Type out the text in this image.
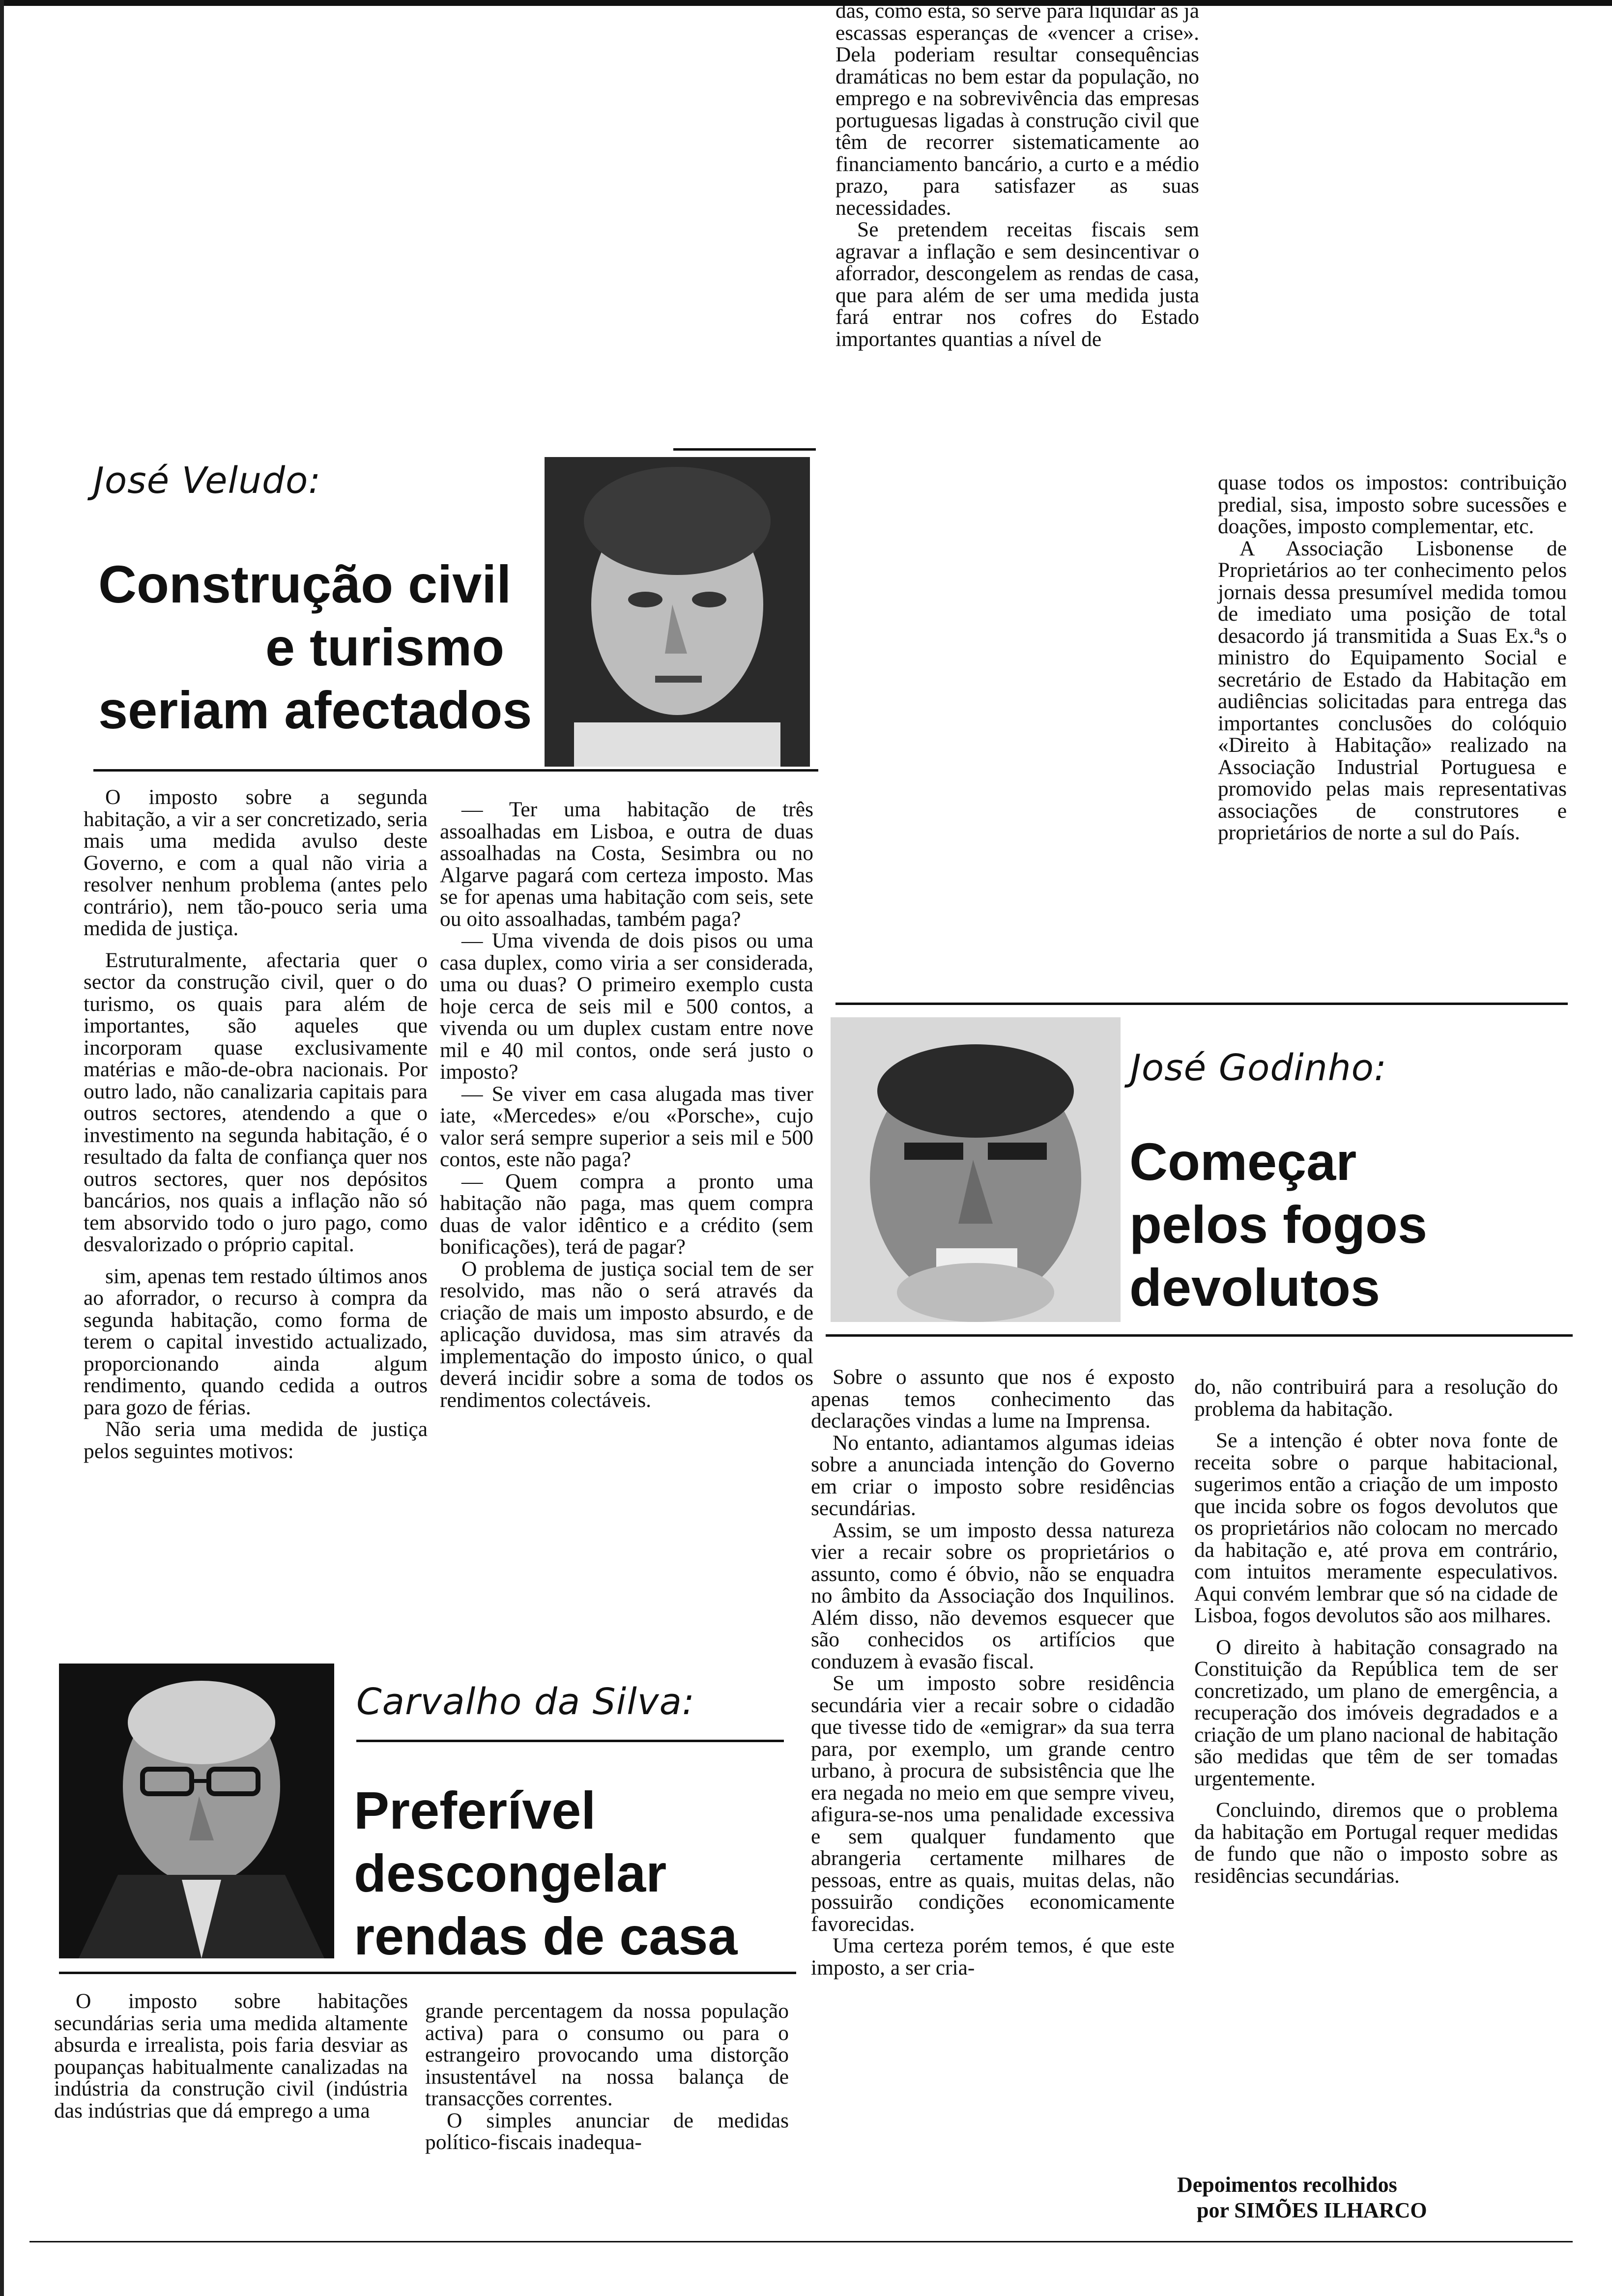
José Veludo:
Construção civil
e turismo
seriam afectados

O imposto sobre a segunda habitação, a vir a ser concretizado, seria mais uma medida avulso deste Governo, e com a qual não viria a resolver nenhum problema (antes pelo contrário), nem tão-pouco seria uma medida de justiça.

Estruturalmente, afectaria quer o sector da construção civil, quer o do turismo, os quais para além de importantes, são aqueles que incorporam quase exclusivamente matérias e mão-de-obra nacionais. Por outro lado, não canalizaria capitais para outros sectores, atendendo a que o investimento na segunda habitação, é o resultado da falta de confiança quer nos outros sectores, quer nos depósitos bancários, nos quais a inflação não só tem absorvido todo o juro pago, como desvalorizado o próprio capital.

sim, apenas tem restado últimos anos ao aforrador, o recurso à compra da segunda habitação, como forma de terem o capital investido actualizado, proporcionando ainda algum rendimento, quando cedida a outros para gozo de férias.

Não seria uma medida de justiça pelos seguintes motivos:

— Ter uma habitação de três assoalhadas em Lisboa, e outra de duas assoalhadas na Costa, Sesimbra ou no Algarve pagará com certeza imposto. Mas se for apenas uma habitação com seis, sete ou oito assoalhadas, também paga?

— Uma vivenda de dois pisos ou uma casa duplex, como viria a ser considerada, uma ou duas? O primeiro exemplo custa hoje cerca de seis mil e 500 contos, a vivenda ou um duplex custam entre nove mil e 40 mil contos, onde será justo o imposto?

— Se viver em casa alugada mas tiver iate, «Mercedes» e/ou «Porsche», cujo valor será sempre superior a seis mil e 500 contos, este não paga?

— Quem compra a pronto uma habitação não paga, mas quem compra duas de valor idêntico e a crédito (sem bonificações), terá de pagar?

O problema de justiça social tem de ser resolvido, mas não o será através da criação de mais um imposto absurdo, e de aplicação duvidosa, mas sim através da implementação do imposto único, o qual deverá incidir sobre a soma de todos os rendimentos colectáveis.

das, como esta, só serve para liquidar as já escassas esperanças de «vencer a crise». Dela poderiam resultar consequências dramáticas no bem estar da população, no emprego e na sobrevivência das empresas portuguesas ligadas à construção civil que têm de recorrer sistematicamente ao financiamento bancário, a curto e a médio prazo, para satisfazer as suas necessidades.

Se pretendem receitas fiscais sem agravar a inflação e sem desincentivar o aforrador, descongelem as rendas de casa, que para além de ser uma medida justa fará entrar nos cofres do Estado importantes quantias a nível de

quase todos os impostos: contribuição predial, sisa, imposto sobre sucessões e doações, imposto complementar, etc.

A Associação Lisbonense de Proprietários ao ter conhecimento pelos jornais dessa presumível medida tomou de imediato uma posição de total desacordo já transmitida a Suas Ex.ªs o ministro do Equipamento Social e secretário de Estado da Habitação em audiências solicitadas para entrega das importantes conclusões do colóquio «Direito à Habitação» realizado na Associação Industrial Portuguesa e promovido pelas mais representativas associações de construtores e proprietários de norte a sul do País.

José Godinho:
Começar
pelos fogos
devolutos

Sobre o assunto que nos é exposto apenas temos conhecimento das declarações vindas a lume na Imprensa.

No entanto, adiantamos algumas ideias sobre a anunciada intenção do Governo em criar o imposto sobre residências secundárias.

Assim, se um imposto dessa natureza vier a recair sobre os proprietários o assunto, como é óbvio, não se enquadra no âmbito da Associação dos Inquilinos. Além disso, não devemos esquecer que são conhecidos os artifícios que conduzem à evasão fiscal.

Se um imposto sobre residência secundária vier a recair sobre o cidadão que tivesse tido de «emigrar» da sua terra para, por exemplo, um grande centro urbano, à procura de subsistência que lhe era negada no meio em que sempre viveu, afigura-se-nos uma penalidade excessiva e sem qualquer fundamento que abrangeria certamente milhares de pessoas, entre as quais, muitas delas, não possuirão condições economicamente favorecidas.

Uma certeza porém temos, é que este imposto, a ser cria-

do, não contribuirá para a resolução do problema da habitação.

Se a intenção é obter nova fonte de receita sobre o parque habitacional, sugerimos então a criação de um imposto que incida sobre os fogos devolutos que os proprietários não colocam no mercado da habitação e, até prova em contrário, com intuitos meramente especulativos. Aqui convém lembrar que só na cidade de Lisboa, fogos devolutos são aos milhares.

O direito à habitação consagrado na Constituição da República tem de ser concretizado, um plano de emergência, a recuperação dos imóveis degradados e a criação de um plano nacional de habitação são medidas que têm de ser tomadas urgentemente.

Concluindo, diremos que o problema da habitação em Portugal requer medidas de fundo que não o imposto sobre as residências secundárias.

Carvalho da Silva:
Preferível
descongelar
rendas de casa

O imposto sobre habitações secundárias seria uma medida altamente absurda e irrealista, pois faria desviar as poupanças habitualmente canalizadas na indústria da construção civil (indústria das indústrias que dá emprego a uma

grande percentagem da nossa população activa) para o consumo ou para o estrangeiro provocando uma distorção insustentável na nossa balança de transacções correntes.

O simples anunciar de medidas político-fiscais inadequa-

Depoimentos recolhidos
por SIMÕES ILHARCO
